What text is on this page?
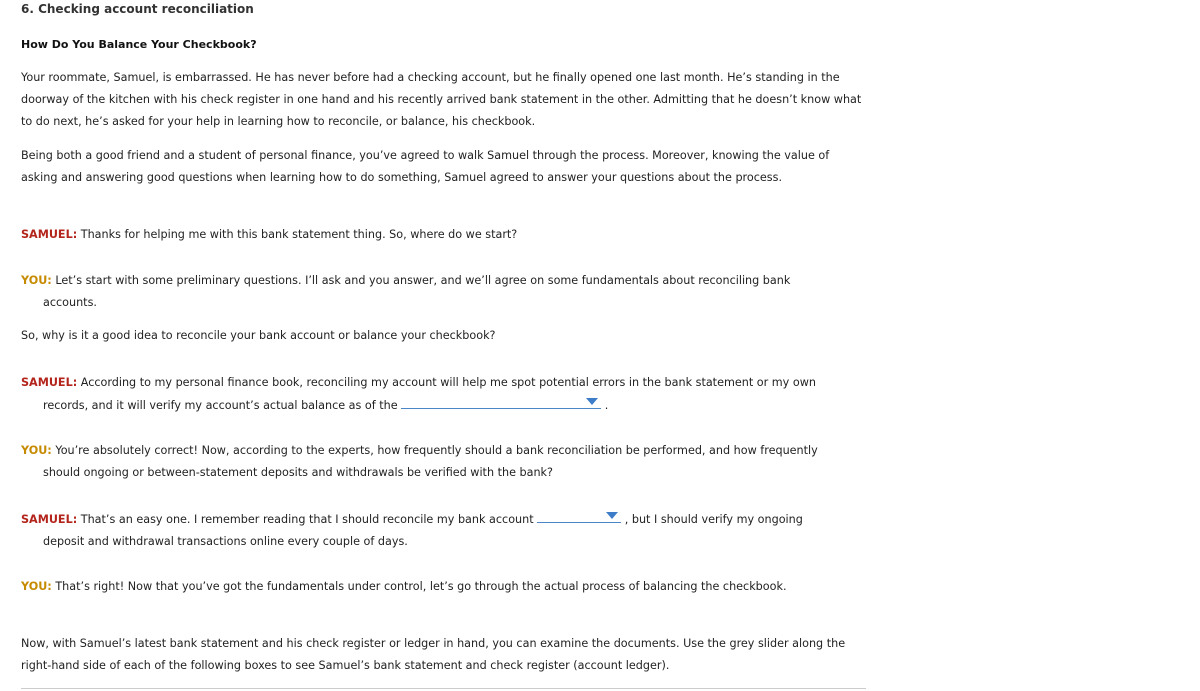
6. Checking account reconciliation
How Do You Balance Your Checkbook?

Your roommate, Samuel, is embarrassed. He has never before had a checking account, but he finally opened one last month. He’s standing in the doorway of the kitchen with his check register in one hand and his recently arrived bank statement in the other. Admitting that he doesn’t know what to do next, he’s asked for your help in learning how to reconcile, or balance, his checkbook.

Being both a good friend and a student of personal finance, you’ve agreed to walk Samuel through the process. Moreover, knowing the value of asking and answering good questions when learning how to do something, Samuel agreed to answer your questions about the process.

SAMUEL: Thanks for helping me with this bank statement thing. So, where do we start?

YOU: Let’s start with some preliminary questions. I’ll ask and you answer, and we’ll agree on some fundamentals about reconciling bank accounts.

So, why is it a good idea to reconcile your bank account or balance your checkbook?

SAMUEL: According to my personal finance book, reconciling my account will help me spot potential errors in the bank statement or my own records, and it will verify my account’s actual balance as of the	.

YOU: You’re absolutely correct! Now, according to the experts, how frequently should a bank reconciliation be performed, and how frequently should ongoing or between-statement deposits and withdrawals be verified with the bank?

SAMUEL: That’s an easy one. I remember reading that I should reconcile my bank account	, but I should verify my ongoing deposit and withdrawal transactions online every couple of days.

YOU: That’s right! Now that you’ve got the fundamentals under control, let’s go through the actual process of balancing the checkbook.

Now, with Samuel’s latest bank statement and his check register or ledger in hand, you can examine the documents. Use the grey slider along the right-hand side of each of the following boxes to see Samuel’s bank statement and check register (account ledger).
